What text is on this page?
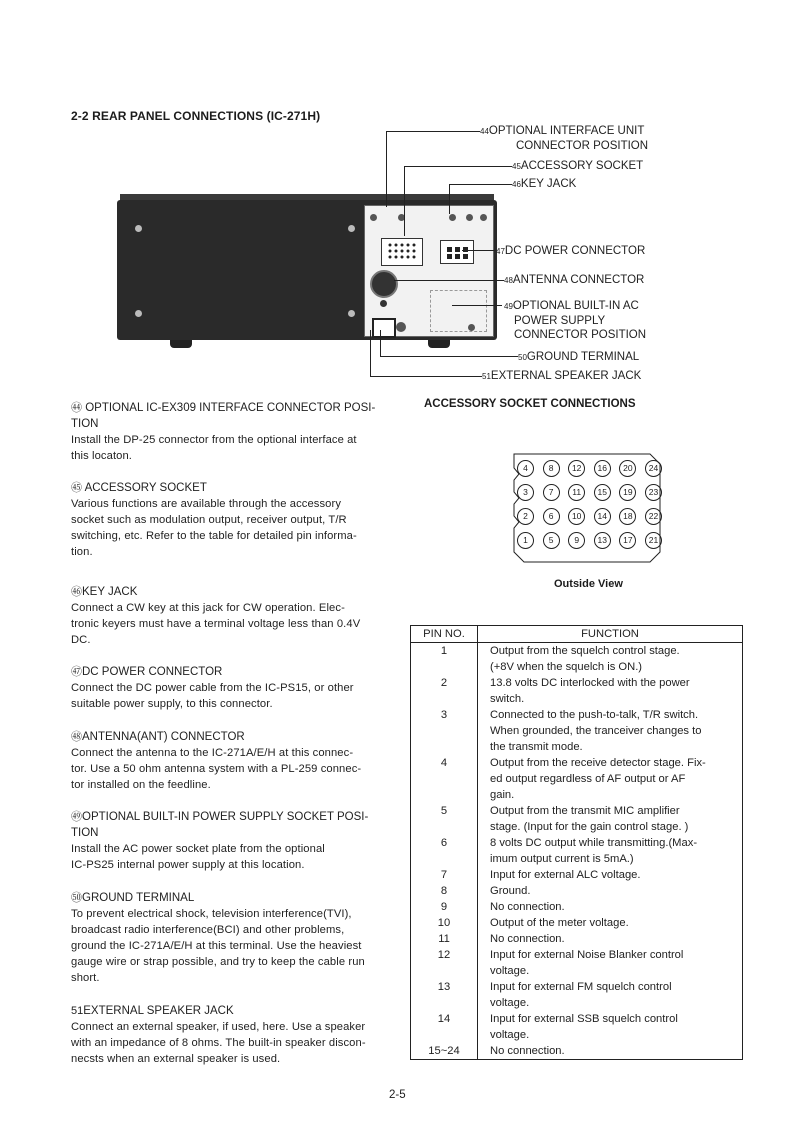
2-2 REAR PANEL CONNECTIONS (IC-271H)
44OPTIONAL INTERFACE UNIT
CONNECTOR POSITION
45ACCESSORY SOCKET
46KEY JACK
47DC POWER CONNECTOR
48ANTENNA CONNECTOR
49OPTIONAL BUILT-IN AC
POWER SUPPLY
CONNECTOR POSITION
50GROUND TERMINAL
51EXTERNAL SPEAKER JACK
㊹ OPTIONAL IC-EX309 INTERFACE CONNECTOR POSI-
TION
Install the DP-25 connector from the optional interface at
this locaton.
㊺ ACCESSORY SOCKET
Various functions are available through the accessory
socket such as modulation output, receiver output, T/R
switching, etc. Refer to the table for detailed pin informa-
tion.
㊻KEY JACK
Connect a CW key at this jack for CW operation. Elec-
tronic keyers must have a terminal voltage less than 0.4V
DC.
㊼DC POWER CONNECTOR
Connect the DC power cable from the IC-PS15, or other
suitable power supply, to this connector.
㊽ANTENNA(ANT) CONNECTOR
Connect the antenna to the IC-271A/E/H at this connec-
tor. Use a 50 ohm antenna system with a PL-259 connec-
tor installed on the feedline.
㊾OPTIONAL BUILT-IN POWER SUPPLY SOCKET POSI-
TION
Install the AC power socket plate from the optional
IC-PS25 internal power supply at this location.
㊿GROUND TERMINAL
To prevent electrical shock, television interference(TVI),
broadcast radio interference(BCI) and other problems,
ground the IC-271A/E/H at this terminal. Use the heaviest
gauge wire or strap possible, and try to keep the cable run
short.
51EXTERNAL SPEAKER JACK
Connect an external speaker, if used, here. Use a speaker
with an impedance of 8 ohms. The built-in speaker discon-
necsts when an external speaker is used.
ACCESSORY SOCKET CONNECTIONS
4	8	12	16	20	24
3	7	11	15	19	23
2	6	10	14	18	22
1	5	9	13	17	21
Outside View
PIN NO.	FUNCTION
1	Output from the squelch control stage.
(+8V when the squelch is ON.)

2	13.8 volts DC interlocked with the power
switch.

3	Connected to the push-to-talk, T/R switch.
When grounded, the tranceiver changes to
the transmit mode.

4	Output from the receive detector stage. Fix-
ed output regardless of AF output or AF
gain.

5	Output from the transmit MIC amplifier
stage. (Input for the gain control stage. )

6	8 volts DC output while transmitting.(Max-
imum output current is 5mA.)

7	Input for external ALC voltage.

8	Ground.

9	No connection.

10	Output of the meter voltage.

11	No connection.

12	Input for external Noise Blanker control
voltage.

13	Input for external FM squelch control
voltage.

14	Input for external SSB squelch control
voltage.

15~24	No connection.
2-5
